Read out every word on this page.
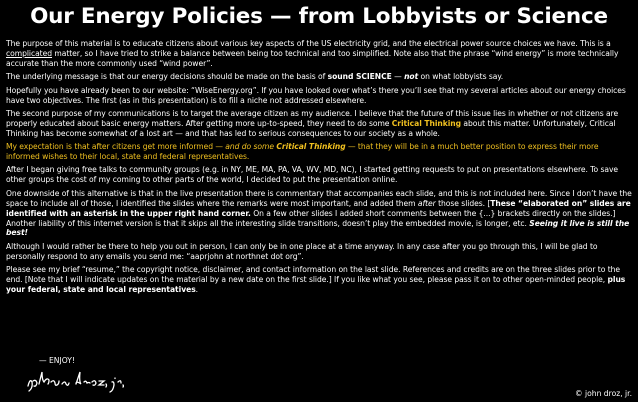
Our Energy Policies — from Lobbyists or Science

The purpose of this material is to educate citizens about various key aspects of the US electricity grid, and the electrical power source choices we have. This is a complicated matter, so I have tried to strike a balance between being too technical and too simplified. Note also that the phrase “wind energy” is more technically accurate than the more commonly used “wind power”.

The underlying message is that our energy decisions should be made on the basis of sound SCIENCE — not on what lobbyists say.

Hopefully you have already been to our website: “WiseEnergy.org”. If you have looked over what’s there you’ll see that my several articles about our energy choices have two objectives. The first (as in this presentation) is to fill a niche not addressed elsewhere.

The second purpose of my communications is to target the average citizen as my audience. I believe that the future of this issue lies in whether or not citizens are properly educated about basic energy matters. After getting more up-to-speed, they need to do some Critical Thinking about this matter. Unfortunately, Critical Thinking has become somewhat of a lost art — and that has led to serious consequences to our society as a whole.

My expectation is that after citizens get more informed — and do some Critical Thinking — that they will be in a much better position to express their more informed wishes to their local, state and federal representatives.

After I began giving free talks to community groups (e.g. in NY, ME, MA, PA, VA, WV, MD, NC), I started getting requests to put on presentations elsewhere. To save other groups the cost of my coming to other parts of the world, I decided to put the presentation online.

One downside of this alternative is that in the live presentation there is commentary that accompanies each slide, and this is not included here. Since I don’t have the space to include all of those, I identified the slides where the remarks were most important, and added them after those slides. [These “elaborated on” slides are identified with an asterisk in the upper right hand corner. On a few other slides I added short comments between the {...} brackets directly on the slides.] Another liability of this internet version is that it skips all the interesting slide transitions, doesn’t play the embedded movie, is longer, etc. Seeing it live is still the best!

Although I would rather be there to help you out in person, I can only be in one place at a time anyway. In any case after you go through this, I will be glad to personally respond to any emails you send me: “aaprjohn at northnet dot org”.

Please see my brief “resume,” the copyright notice, disclaimer, and contact information on the last slide. References and credits are on the three slides prior to the end. [Note that I will indicate updates on the material by a new date on the first slide.] If you like what you see, please pass it on to other open-minded people, plus your federal, state and local representatives.

— ENJOY!
© john droz, jr.
